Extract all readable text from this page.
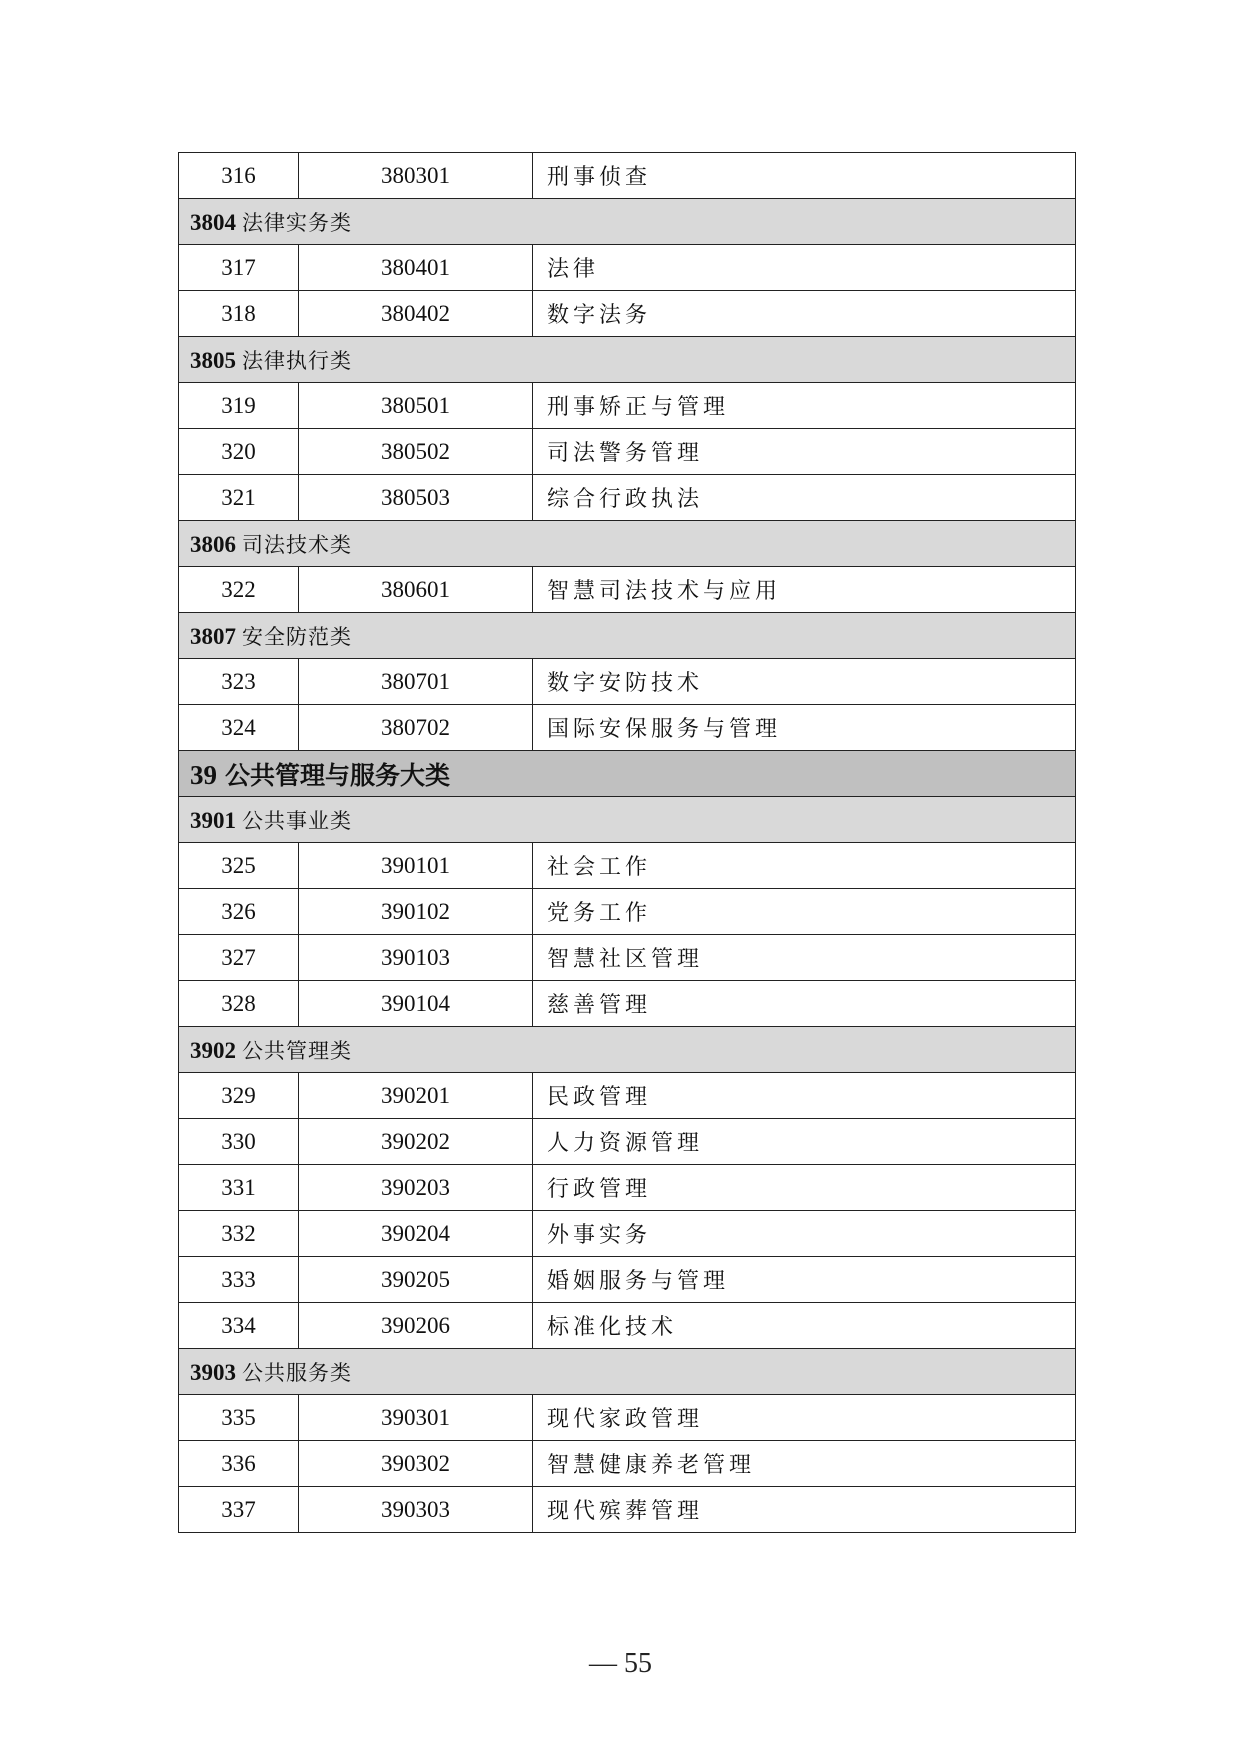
316	380301	刑事侦查
3804 法律实务类		
317	380401	法律
318	380402	数字法务
3805 法律执行类		
319	380501	刑事矫正与管理
320	380502	司法警务管理
321	380503	综合行政执法
3806 司法技术类		
322	380601	智慧司法技术与应用
3807 安全防范类		
323	380701	数字安防技术
324	380702	国际安保服务与管理
39 公共管理与服务大类		
3901 公共事业类		
325	390101	社会工作
326	390102	党务工作
327	390103	智慧社区管理
328	390104	慈善管理
3902 公共管理类		
329	390201	民政管理
330	390202	人力资源管理
331	390203	行政管理
332	390204	外事实务
333	390205	婚姻服务与管理
334	390206	标准化技术
3903 公共服务类		
335	390301	现代家政管理
336	390302	智慧健康养老管理
337	390303	现代殡葬管理
— 55
